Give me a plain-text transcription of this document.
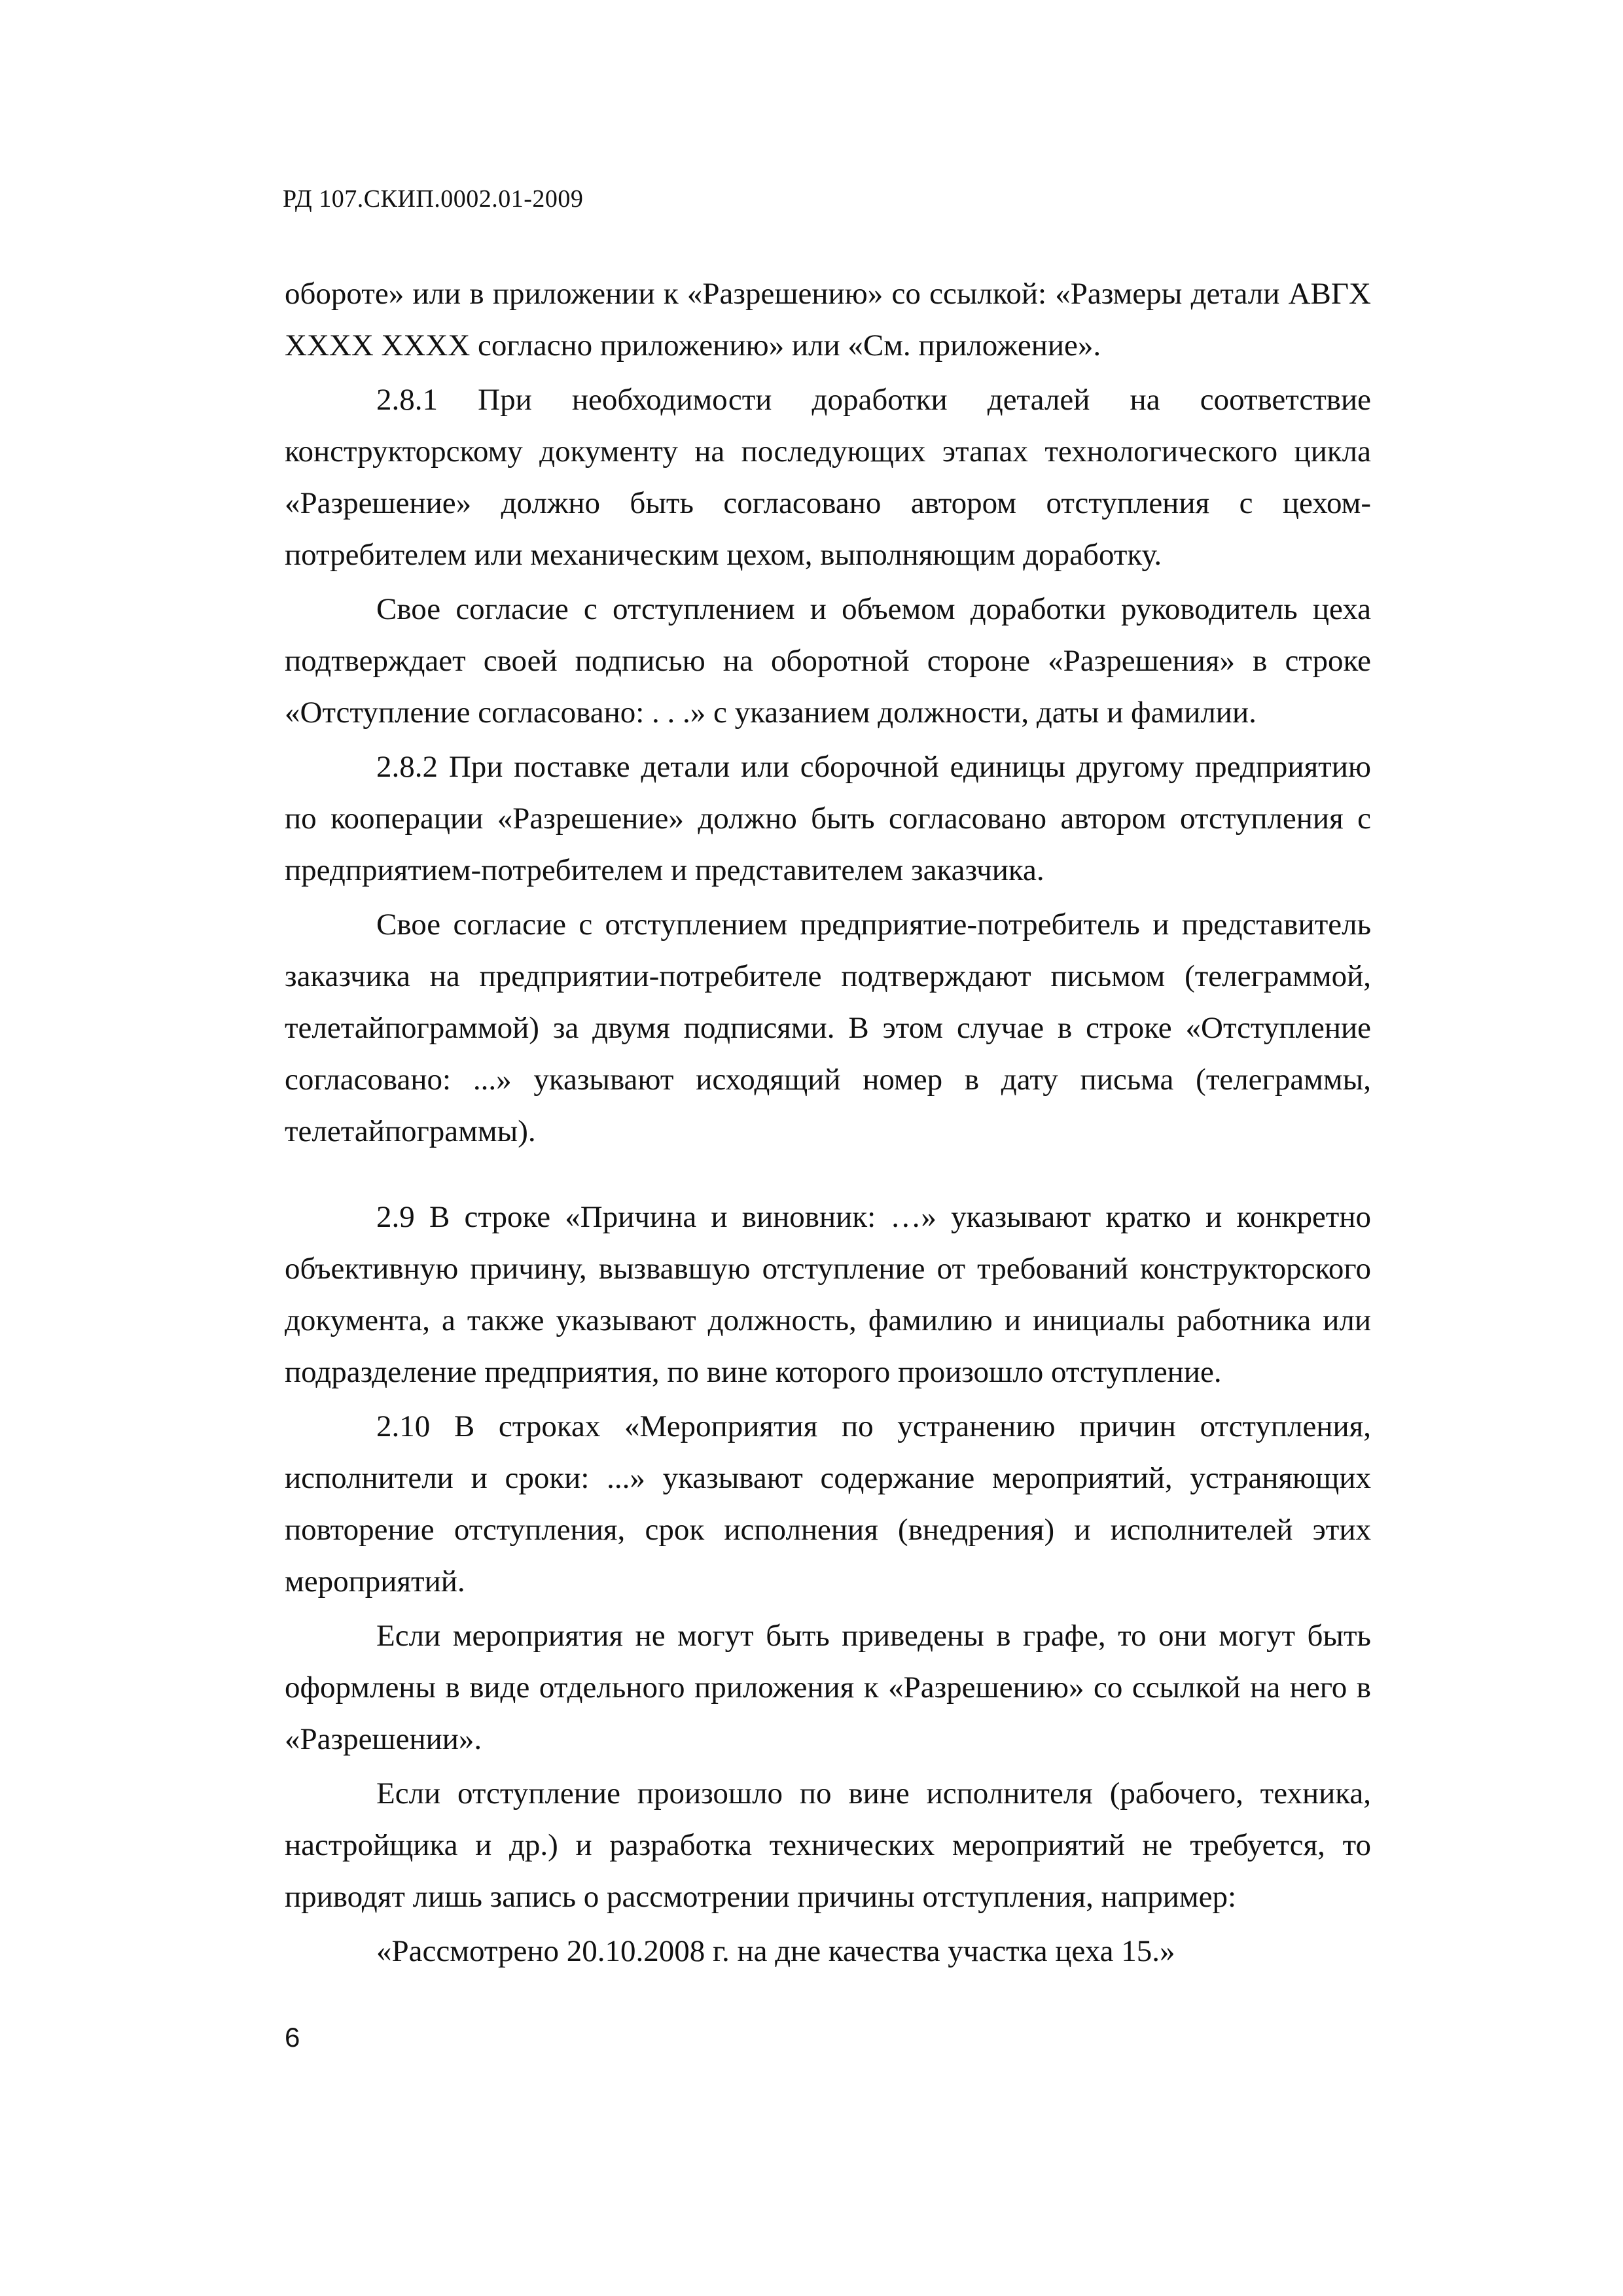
РД 107.СКИП.0002.01-2009

обороте» или в приложении к «Разрешению» со ссылкой: «Размеры детали АВГХ ХХХХ ХХХХ согласно приложению» или «См. приложение».

2.8.1 При необходимости доработки деталей на соответствие конструкторскому документу на последующих этапах технологического цикла «Разрешение» должно быть согласовано автором отступления с цехом-потребителем или механическим цехом, выполняющим доработку.

Свое согласие с отступлением и объемом доработки руководитель цеха подтверждает своей подписью на оборотной стороне «Разрешения» в строке «Отступление согласовано: . . .» с указанием должности, даты и фамилии.

2.8.2 При поставке детали или сборочной единицы другому предприятию по кооперации «Разрешение» должно быть согласовано автором отступления с предприятием-потребителем и представителем заказчика.

Свое согласие с отступлением предприятие-потребитель и представитель заказчика на предприятии-потребителе подтверждают письмом (телеграммой, телетайпограммой) за двумя подписями. В этом случае в строке «Отступление согласовано: ...» указывают исходящий номер в дату письма (телеграммы, телетайпограммы).

2.9 В строке «Причина и виновник: …» указывают кратко и конкретно объективную причину, вызвавшую отступление от требований конструкторского документа, а также указывают должность, фамилию и инициалы работника или подразделение предприятия, по вине которого произошло отступление.

2.10 В строках «Мероприятия по устранению причин отступления, исполнители и сроки: ...» указывают содержание мероприятий, устраняющих повторение отступления, срок исполнения (внедрения) и исполнителей этих мероприятий.

Если мероприятия не могут быть приведены в графе, то они могут быть оформлены в виде отдельного приложения к «Разрешению» со ссылкой на него в «Разрешении».

Если отступление произошло по вине исполнителя (рабочего, техника, настройщика и др.) и разработка технических мероприятий не требуется, то приводят лишь запись о рассмотрении причины отступления, например:

«Рассмотрено 20.10.2008 г. на дне качества участка цеха 15.»

6
